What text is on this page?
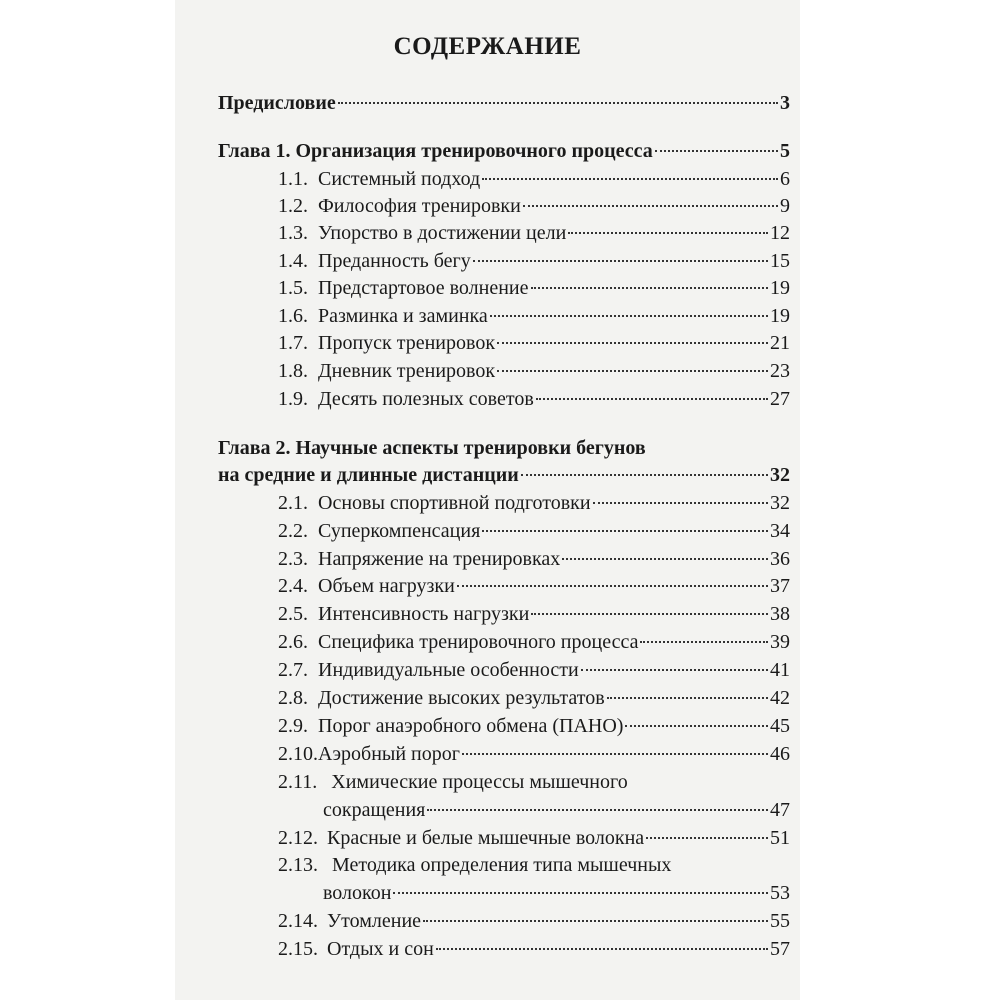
СОДЕРЖАНИЕ
Предисловие	3
Глава 1. Организация тренировочного процесса	5
1.1. Системный подход	6
1.2. Философия тренировки	9
1.3. Упорство в достижении цели	12
1.4. Преданность бегу	15
1.5. Предстартовое волнение	19
1.6. Разминка и заминка	19
1.7. Пропуск тренировок	21
1.8. Дневник тренировок	23
1.9. Десять полезных советов	27
Глава 2. Научные аспекты тренировки бегунов
на средние и длинные дистанции	32
2.1. Основы спортивной подготовки	32
2.2. Суперкомпенсация	34
2.3. Напряжение на тренировках	36
2.4. Объем нагрузки	37
2.5. Интенсивность нагрузки	38
2.6. Специфика тренировочного процесса	39
2.7. Индивидуальные особенности	41
2.8. Достижение высоких результатов	42
2.9. Порог анаэробного обмена (ПАНО)	45
2.10. Аэробный порог	46
2.11. Химические процессы мышечного
сокращения	47
2.12. Красные и белые мышечные волокна	51
2.13. Методика определения типа мышечных
волокон	53
2.14. Утомление	55
2.15. Отдых и сон	57
